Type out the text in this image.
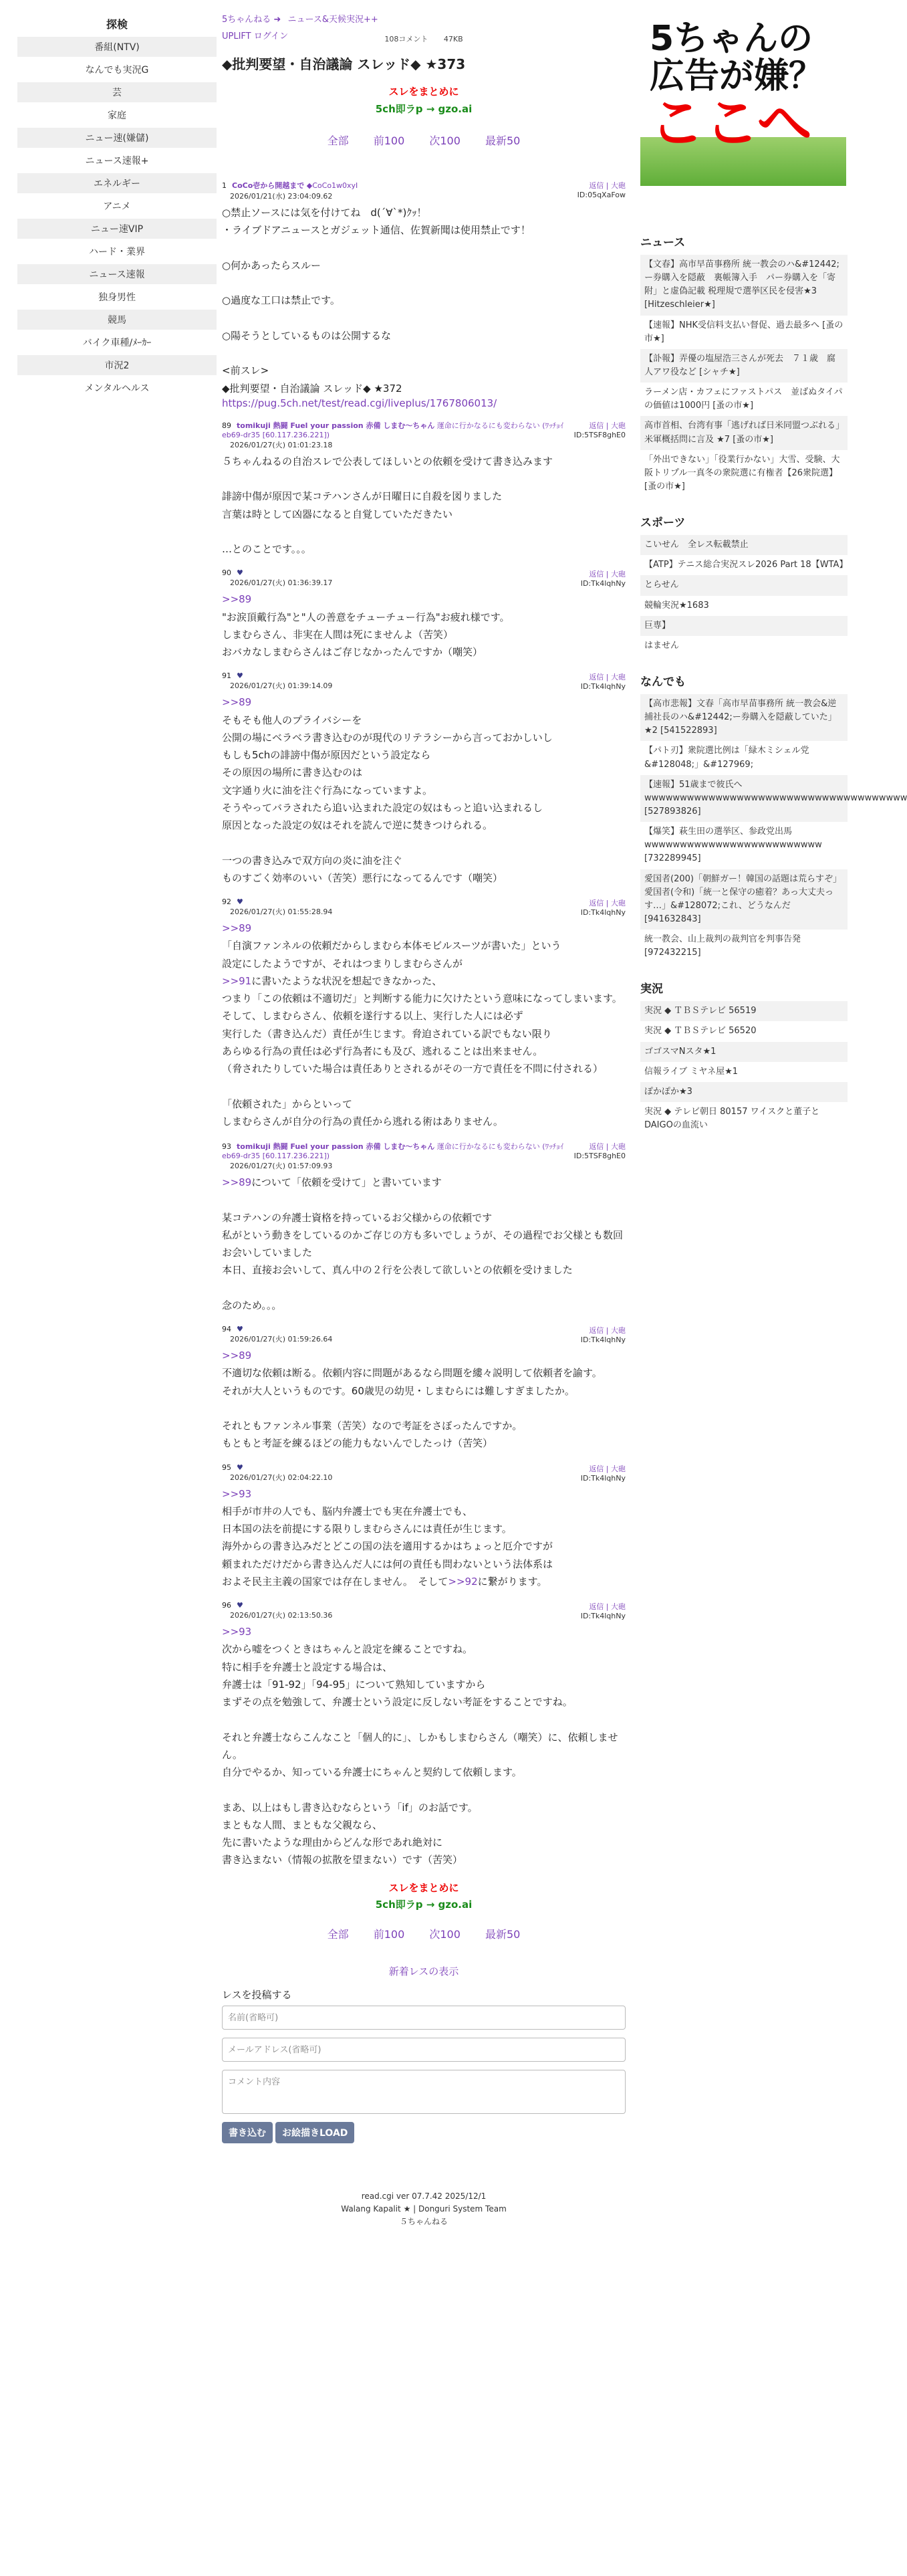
探検
番組(NTV)
なんでも実況G
芸
家庭
ニュー速(嫌儲)
ニュース速報+
エネルギー
アニメ
ニュー速VIP
ハード・業界
ニュース速報
独身男性
競馬
バイク車種/ﾒｰｶｰ
市況2
メンタルヘルス
5ちゃんねる ➜ ニュース&天候実況++
UPLIFT ログイン	108コメント 47KB
◆批判要望・自治議論 スレッド◆ ★373
スレをまとめに
5ch即ラp → gzo.ai
全部 前100 次100 最新50
1 CoCo壱から開越まで ◆CoCo1w0xyI
2026/01/21(水) 23:04:09.62
返信 | 大砲
ID:05qXaFow
○禁止ソースには気を付けてね　d(´∀`*)ｸｯ！
・ライブドアニュースとガジェット通信、佐賀新聞は使用禁止です！

○何かあったらスルー

○過度な工口は禁止です。

○陽そうとしているものは公開するな

<前スレ>
◆批判要望・自治議論 スレッド◆ ★372
https://pug.5ch.net/test/read.cgi/liveplus/1767806013/
89 tomikuji 熱闘 Fuel your passion 赤備 しまむ〜ちゃん 運命に行かなるにも変わらない (ﾜｯﾁｮｲ eb69-dr35 [60.117.236.221])
2026/01/27(火) 01:01:23.18
返信 | 大砲
ID:5TSF8ghE0
５ちゃんねるの自治スレで公表してほしいとの依頼を受けて書き込みます

誹謗中傷が原因で某コテハンさんが日曜日に自殺を図りました
言葉は時として凶器になると自覚していただきたい

…とのことです。。。
90 ♥
2026/01/27(火) 01:36:39.17
返信 | 大砲
ID:Tk4lqhNy
>>89
"お涙頂戴行為"と"人の善意をチューチュー行為"お疲れ様です。
しまむらさん、非実在人間は死にませんよ（苦笑）
おバカなしまむらさんはご存じなかったんですか（嘲笑）
91 ♥
2026/01/27(火) 01:39:14.09
返信 | 大砲
ID:Tk4lqhNy
>>89
そもそも他人のプライバシーを
公開の場にベラベラ書き込むのが現代のリテラシーから言っておかしいし
もしも5chの誹謗中傷が原因だという設定なら
その原因の場所に書き込むのは
文字通り火に油を注ぐ行為になっていますよ。
そうやってバラされたら追い込まれた設定の奴はもっと追い込まれるし
原因となった設定の奴はそれを読んで逆に焚きつけられる。

一つの書き込みで双方向の炎に油を注ぐ
ものすごく効率のいい（苦笑）悪行になってるんです（嘲笑）
92 ♥
2026/01/27(火) 01:55:28.94
返信 | 大砲
ID:Tk4lqhNy
>>89
「自演ファンネルの依頼だからしまむら本体モビルスーツが書いた」という
設定にしたようですが、それはつまりしまむらさんが
>>91に書いたような状況を想起できなかった、
つまり「この依頼は不適切だ」と判断する能力に欠けたという意味になってしまいます。
そして、しまむらさん、依頼を遂行する以上、実行した人には必ず
実行した（書き込んだ）責任が生じます。脅迫されている訳でもない限り
あらゆる行為の責任は必ず行為者にも及び、逃れることは出来ません。
（脅されたりしていた場合は責任ありとされるがその一方で責任を不問に付される）

「依頼された」からといって
しまむらさんが自分の行為の責任から逃れる術はありません。
93 tomikuji 熱闘 Fuel your passion 赤備 しまむ〜ちゃん 運命に行かなるにも変わらない (ﾜｯﾁｮｲ eb69-dr35 [60.117.236.221])
2026/01/27(火) 01:57:09.93
返信 | 大砲
ID:5TSF8ghE0
>>89について「依頼を受けて」と書いています

某コテハンの弁護士資格を持っているお父様からの依頼です
私がという動きをしているのかご存じの方も多いでしょうが、その過程でお父様とも数回お会いしていました
本日、直接お会いして、真ん中の２行を公表して欲しいとの依頼を受けました

念のため。。。
94 ♥
2026/01/27(火) 01:59:26.64
返信 | 大砲
ID:Tk4lqhNy
>>89
不適切な依頼は断る。依頼内容に問題があるなら問題を縷々説明して依頼者を諭す。
それが大人というものです。60歳児の幼児・しまむらには難しすぎましたか。

それともファンネル事業（苦笑）なので考証をさぼったんですか。
もともと考証を練るほどの能力もないんでしたっけ（苦笑）
95 ♥
2026/01/27(火) 02:04:22.10
返信 | 大砲
ID:Tk4lqhNy
>>93
相手が市井の人でも、脳内弁護士でも実在弁護士でも、
日本国の法を前提にする限りしまむらさんには責任が生じます。
海外からの書き込みだとどこの国の法を適用するかはちょっと厄介ですが
頼まれただけだから書き込んだ人には何の責任も問わないという法体系は
およそ民主主義の国家では存在しません。　そして>>92に繋がります。
96 ♥
2026/01/27(火) 02:13:50.36
返信 | 大砲
ID:Tk4lqhNy
>>93
次から嘘をつくときはちゃんと設定を練ることですね。
特に相手を弁護士と設定する場合は、
弁護士は「91-92」「94-95」について熟知していますから
まずその点を勉強して、弁護士という設定に反しない考証をすることですね。

それと弁護士ならこんなこと「個人的に」、しかもしまむらさん（嘲笑）に、依頼しません。
自分でやるか、知っている弁護士にちゃんと契約して依頼します。

まあ、以上はもし書き込むならという「if」のお話です。
まともな人間、まともな父親なら、
先に書いたような理由からどんな形であれ絶対に
書き込まない（情報の拡散を望まない）です（苦笑）
スレをまとめに
5ch即ラp → gzo.ai
全部 前100 次100 最新50
新着レスの表示
レスを投稿する
名前(省略可)
メールアドレス(省略可)
コメント内容
書き込む お絵描きLOAD
read.cgi ver 07.7.42 2025/12/1
Walang Kapalit ★ | Donguri System Team
５ちゃんねる
5ちゃんの
広告が嫌？
ここへ
ニュース
【文春】高市早苗事務所 統一教会のハ&#12442;ー券購入を隠蔽　裏帳簿入手　パー券購入を「寄附」と虚偽記載 税理規で選挙区民を侵害★3 [Hitzeschleier★]
【速報】NHK受信料支払い督促、過去最多へ [蚤の市★]
【訃報】弄優の塩屋浩三さんが死去　７１歳　腐人アワ役など [シャチ★]
ラーメン店・カフェにファストパス　並ばぬタイパの価値は1000円 [蚤の市★]
高市首相、台湾有事「逃げれば日米同盟つぶれる」米軍概括問に言及 ★7 [蚤の市★]
「外出できない」「役業行かない」大雪、受験、大阪トリプル一真冬の衆院選に有権者【26衆院選】[蚤の市★]
スポーツ
こいせん　全レス転載禁止
【ATP】テニス総合実況スレ2026 Part 18【WTA】
とらせん
競輪実況★1683
巨専】
はません
なんでも
【高市悲報】文春「高市早苗事務所 統一教会&逆捕社長のハ&#12442;ー券購入を隠蔽していた」★2 [541522893]
【パト刃】衆院選比例は「緑木ミシェル党&#128048;」&#127969;
【速報】51歳まで彼氏へwwwwwwwwwwwwwwwwwwwwwwwwwwwwwwwwwwwww [527893826]
【爆笑】萩生田の選挙区、参政党出馬wwwwwwwwwwwwwwwwwwwwwwwww [732289945]
愛国者(200)「朝鮮ガー！韓国の話題は荒らすぞ」愛国者(令和)「統一と保守の癒着？あっ大丈夫っす…」&#128072;これ、どうなんだ [941632843]
統一教会、山上裁判の裁判官を判事告発 [972432215]
実況
実況 ◆ ＴＢＳテレビ 56519
実況 ◆ ＴＢＳテレビ 56520
ゴゴスマNスタ★1
信報ライブ ミヤネ屋★1
ぽかぽか★3
実況 ◆ テレビ朝日 80157 ワイスクと董子とDAIGOの血流い
